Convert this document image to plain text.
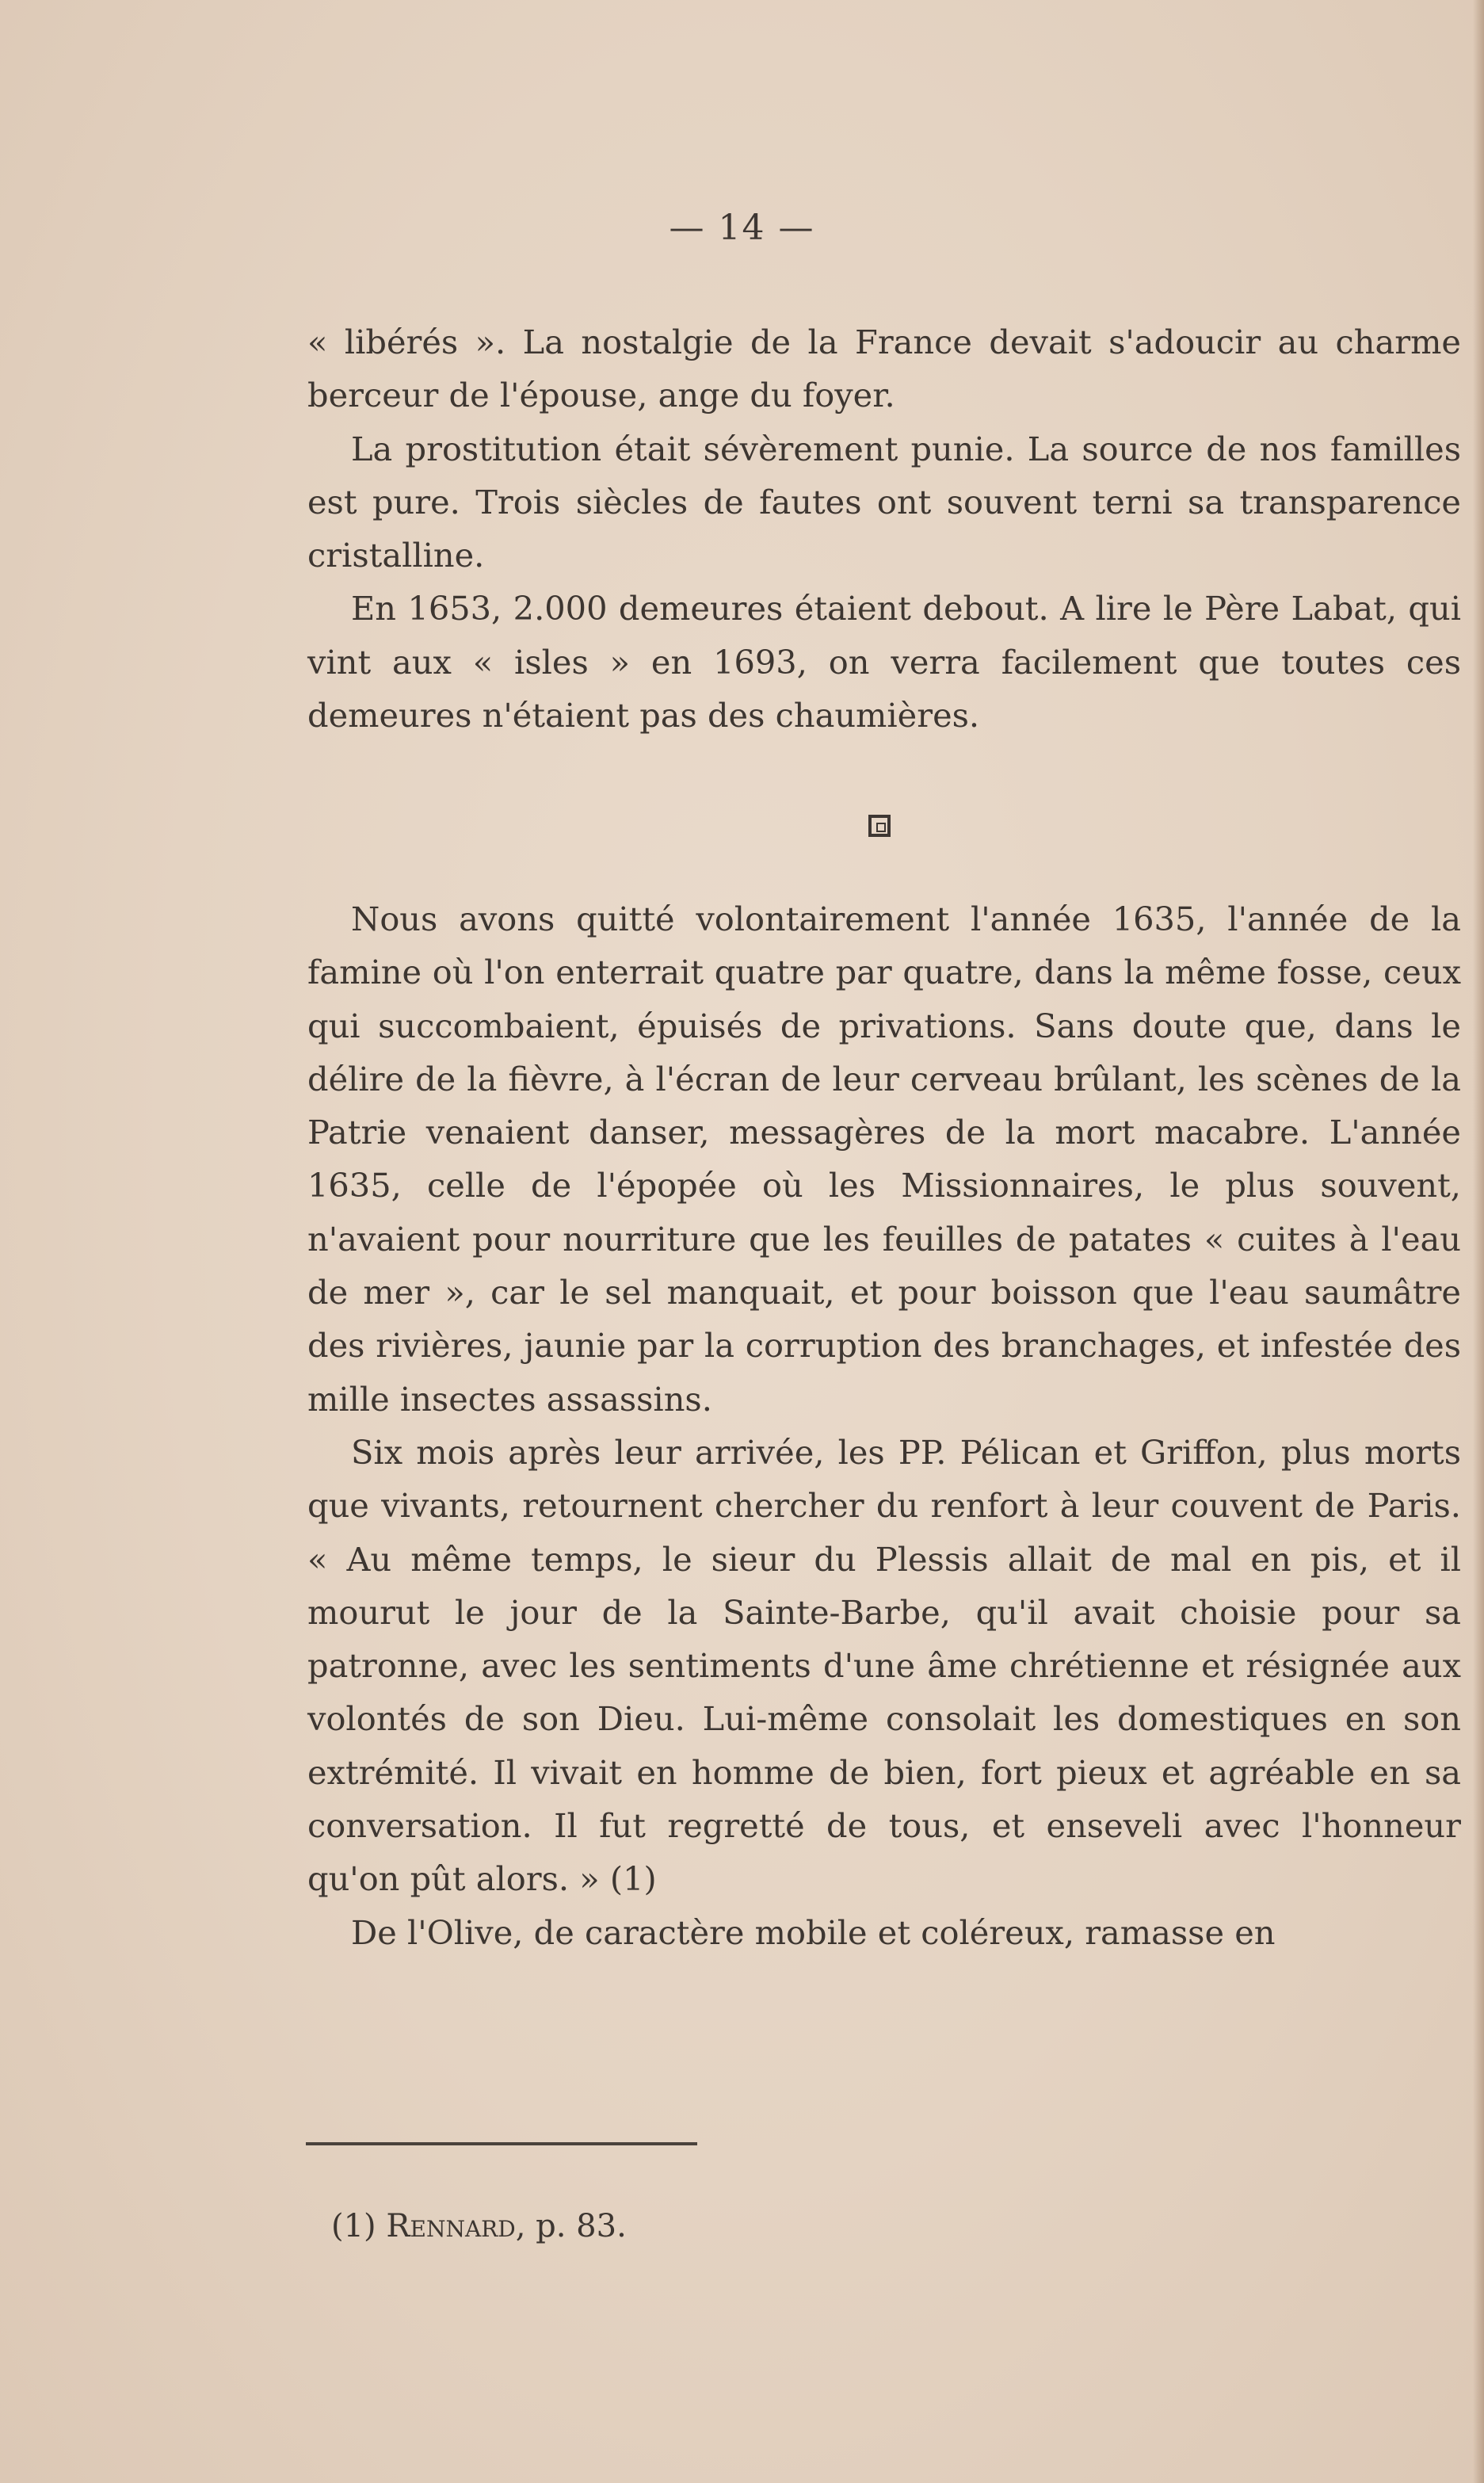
— 14 —

« libérés ». La nostalgie de la France devait s'adoucir au charme berceur de l'épouse, ange du foyer.

La prostitution était sévèrement punie. La source de nos familles est pure. Trois siècles de fautes ont souvent terni sa transparence cristalline.

En 1653, 2.000 demeures étaient debout. A lire le Père Labat, qui vint aux « isles » en 1693, on verra facilement que toutes ces demeures n'étaient pas des chaumières.

Nous avons quitté volontairement l'année 1635, l'année de la famine où l'on enterrait quatre par quatre, dans la même fosse, ceux qui succombaient, épuisés de privations. Sans doute que, dans le délire de la fièvre, à l'écran de leur cerveau brûlant, les scènes de la Patrie venaient danser, messagères de la mort macabre. L'année 1635, celle de l'épopée où les Missionnaires, le plus souvent, n'avaient pour nourriture que les feuilles de patates « cuites à l'eau de mer », car le sel manquait, et pour boisson que l'eau saumâtre des rivières, jaunie par la corruption des branchages, et infestée des mille insectes assassins.

Six mois après leur arrivée, les PP. Pélican et Griffon, plus morts que vivants, retournent chercher du renfort à leur couvent de Paris. « Au même temps, le sieur du Plessis allait de mal en pis, et il mourut le jour de la Sainte-Barbe, qu'il avait choisie pour sa patronne, avec les sentiments d'une âme chrétienne et résignée aux volontés de son Dieu. Lui-même consolait les domestiques en son extrémité. Il vivait en homme de bien, fort pieux et agréable en sa conversation. Il fut regretté de tous, et enseveli avec l'honneur qu'on pût alors. » (1)

De l'Olive, de caractère mobile et coléreux, ramasse en

(1) Rennard, p. 83.
